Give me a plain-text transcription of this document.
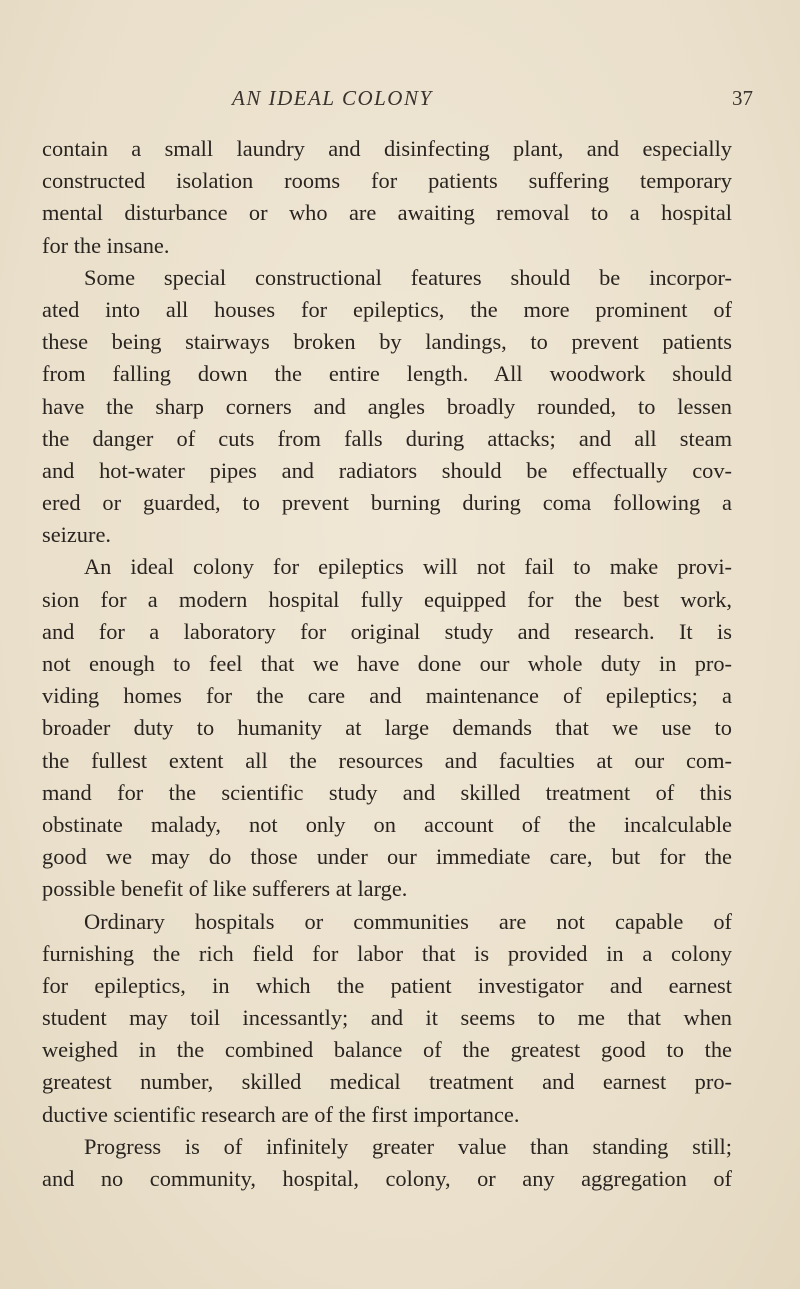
AN IDEAL COLONY	37
contain a small laundry and disinfecting plant, and especially
constructed isolation rooms for patients suffering temporary
mental disturbance or who are awaiting removal to a hospital
for the insane.
Some special constructional features should be incorpor-
ated into all houses for epileptics, the more prominent of
these being stairways broken by landings, to prevent patients
from falling down the entire length. All woodwork should
have the sharp corners and angles broadly rounded, to lessen
the danger of cuts from falls during attacks; and all steam
and hot-water pipes and radiators should be effectually cov-
ered or guarded, to prevent burning during coma following a
seizure.
An ideal colony for epileptics will not fail to make provi-
sion for a modern hospital fully equipped for the best work,
and for a laboratory for original study and research. It is
not enough to feel that we have done our whole duty in pro-
viding homes for the care and maintenance of epileptics; a
broader duty to humanity at large demands that we use to
the fullest extent all the resources and faculties at our com-
mand for the scientific study and skilled treatment of this
obstinate malady, not only on account of the incalculable
good we may do those under our immediate care, but for the
possible benefit of like sufferers at large.
Ordinary hospitals or communities are not capable of
furnishing the rich field for labor that is provided in a colony
for epileptics, in which the patient investigator and earnest
student may toil incessantly; and it seems to me that when
weighed in the combined balance of the greatest good to the
greatest number, skilled medical treatment and earnest pro-
ductive scientific research are of the first importance.
Progress is of infinitely greater value than standing still;
and no community, hospital, colony, or any aggregation of
